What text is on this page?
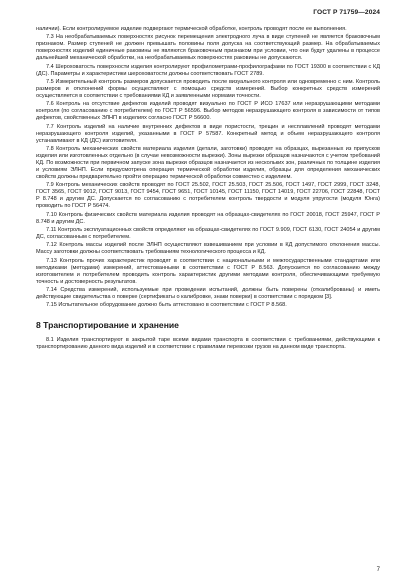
ГОСТ Р 71759—2024

наличии). Если контролируемое изделие подвергают термической обработке, контроль проводят после ее выполнения.

7.3 На необрабатываемых поверхностях рисунок перемещения электродного луча в виде ступеней не является браковочным признаком. Размер ступеней не должен превышать половины поля допуска на соответствующий размер. На обрабатываемых поверхностях изделий единичные раковины не являются браковочным признаком при условии, что они будут удалены в процессе дальнейшей механической обработки, на необрабатываемых поверхностях раковины не допускаются.

7.4 Шероховатость поверхности изделия контролируют профилометрами-профилографами по ГОСТ 19300 в соответствии с КД (ДС). Параметры и характеристики шероховатости должны соответствовать ГОСТ 2789.

7.5 Измерительный контроль размеров допускается проводить после визуального контроля или одновременно с ним. Контроль размеров и отклонений формы осуществляют с помощью средств измерений. Выбор конкретных средств измерений осуществляется в соответствии с требованиями КД и заявленными нормами точности.

7.6 Контроль на отсутствие дефектов изделий проводят визуально по ГОСТ Р ИСО 17637 или неразрушающими методами контроля (по согласованию с потребителем) по ГОСТ Р 56596. Выбор методов неразрушающего контроля в зависимости от типов дефектов, свойственных ЭЛНП в изделиях согласно ГОСТ Р 56600.

7.7 Контроль изделий на наличие внутренних дефектов в виде пористости, трещин и несплавлений проводят методами неразрушающего контроля изделий, указанными в ГОСТ Р 57587. Конкретный метод и объем неразрушающего контроля устанавливают в КД (ДС) изготовителя.

7.8 Контроль механических свойств материала изделия (детали, заготовки) проводят на образцах, вырезанных из припусков изделия или изготовленных отдельно (в случае невозможности вырезки). Зоны вырезки образцов назначаются с учетом требований КД. По возможности при первичном запуске зона вырезки образцов назначается из нескольких зон, различных по толщине изделия и условиям ЭЛНП. Если предусмотрена операция термической обработки изделия, образцы для определения механических свойств должны предварительно пройти операцию термической обработки совместно с изделием.

7.9 Контроль механических свойств проводят по ГОСТ 25.502, ГОСТ 25.503, ГОСТ 25.506, ГОСТ 1497, ГОСТ 2999, ГОСТ 3248, ГОСТ 3565, ГОСТ 9012, ГОСТ 9013, ГОСТ 9454, ГОСТ 9651, ГОСТ 10145, ГОСТ 11150, ГОСТ 14019, ГОСТ 22706, ГОСТ 22848, ГОСТ Р 8.748 и другим ДС. Допускается по согласованию с потребителем контроль твердости и модуля упругости (модуля Юнга) проводить по ГОСТ Р 56474.

7.10 Контроль физических свойств материала изделия проводят на образцах-свидетелях по ГОСТ 20018, ГОСТ 25947, ГОСТ Р 8.748 и другим ДС.

7.11 Контроль эксплуатационных свойств определяют на образцах-свидетелях по ГОСТ 9.909, ГОСТ 6130, ГОСТ 24054 и другим ДС, согласованным с потребителем.

7.12 Контроль массы изделий после ЭЛНП осуществляют взвешиванием при условии в КД допустимого отклонения массы. Массу заготовки должны соответствовать требованиям технологического процесса и КД.

7.13 Контроль прочих характеристик проводят в соответствии с национальными и межгосударственными стандартами или методиками (методами) измерений, аттестованными в соответствии с ГОСТ Р 8.563. Допускается по согласованию между изготовителем и потребителем проводить контроль характеристик другими методами контроля, обеспечивающими требуемую точность и достоверность результатов.

7.14 Средства измерений, используемые при проведении испытаний, должны быть поверены (откалиброваны) и иметь действующие свидетельства о поверке (сертификаты о калибровке, знаки поверки) в соответствии с порядком [3].

7.15 Испытательное оборудование должно быть аттестовано в соответствии с ГОСТ Р 8.568.

8 Транспортирование и хранение

8.1 Изделия транспортируют в закрытой таре всеми видами транспорта в соответствии с требованиями, действующими к транспортированию данного вида изделий и в соответствии с правилами перевозки грузов на данном виде транспорта.

7
